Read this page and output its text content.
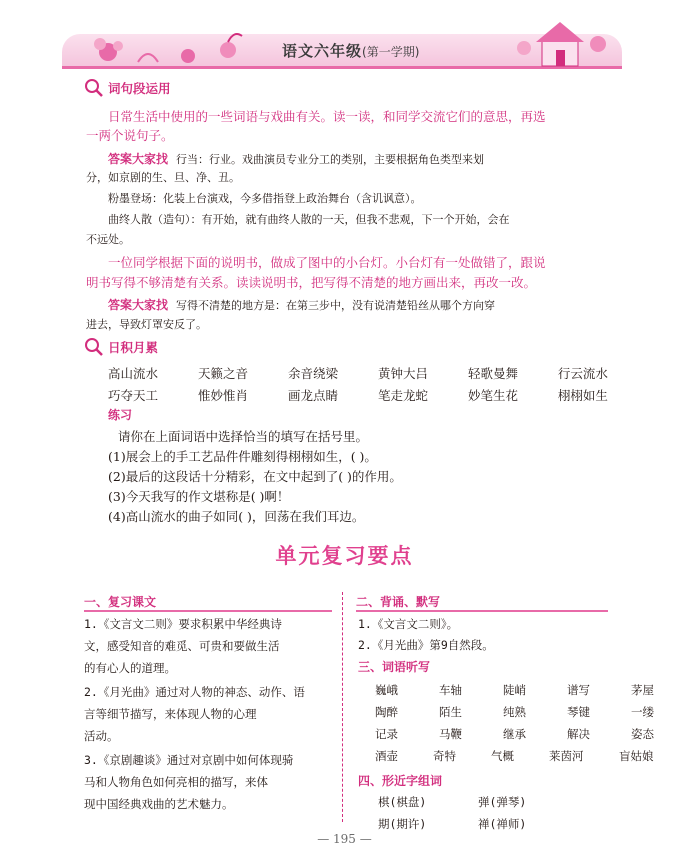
语文六年级(第一学期)
词句段运用
日常生活中使用的一些词语与戏曲有关。读一读，和同学交流它们的意思，再选
一两个说句子。
答案大家找 行当：行业。戏曲演员专业分工的类别，主要根据角色类型来划
分，如京剧的生、旦、净、丑。
粉墨登场：化装上台演戏，今多借指登上政治舞台（含讥讽意）。
曲终人散（造句）：有开始，就有曲终人散的一天，但我不悲观，下一个开始，会在
不远处。
一位同学根据下面的说明书，做成了图中的小台灯。小台灯有一处做错了，跟说
明书写得不够清楚有关系。读读说明书，把写得不清楚的地方画出来，再改一改。
答案大家找 写得不清楚的地方是：在第三步中，没有说清楚铅丝从哪个方向穿
进去，导致灯罩安反了。
日积月累
高山流水	天籁之音	余音绕梁	黄钟大吕	轻歌曼舞	行云流水
巧夺天工	惟妙惟肖	画龙点睛	笔走龙蛇	妙笔生花	栩栩如生
练习
请你在上面词语中选择恰当的填写在括号里。
(1)展会上的手工艺品件件雕刻得栩栩如生，( )。
(2)最后的这段话十分精彩，在文中起到了( )的作用。
(3)今天我写的作文堪称是( )啊！
(4)高山流水的曲子如同( )，回荡在我们耳边。
单元复习要点
一、复习课文
1.《文言文二则》要求积累中华经典诗
文，感受知音的难觅、可贵和要做生活
的有心人的道理。
2.《月光曲》通过对人物的神态、动作、语
言等细节描写，来体现人物的心理
活动。
3.《京剧趣谈》通过对京剧中如何体现骑
马和人物角色如何亮相的描写，来体
现中国经典戏曲的艺术魅力。
二、背诵、默写
1.《文言文二则》。
2.《月光曲》第9自然段。
三、词语听写
巍峨	车轴	陡峭	谱写	茅屋
陶醉	陌生	纯熟	琴键	一缕
记录	马鞭	继承	解决	姿态
酒壶	奇特	气概	莱茵河	盲姑娘
四、形近字组词
棋(棋盘)	弹(弹琴)
期(期许)	禅(禅师)
— 195 —
